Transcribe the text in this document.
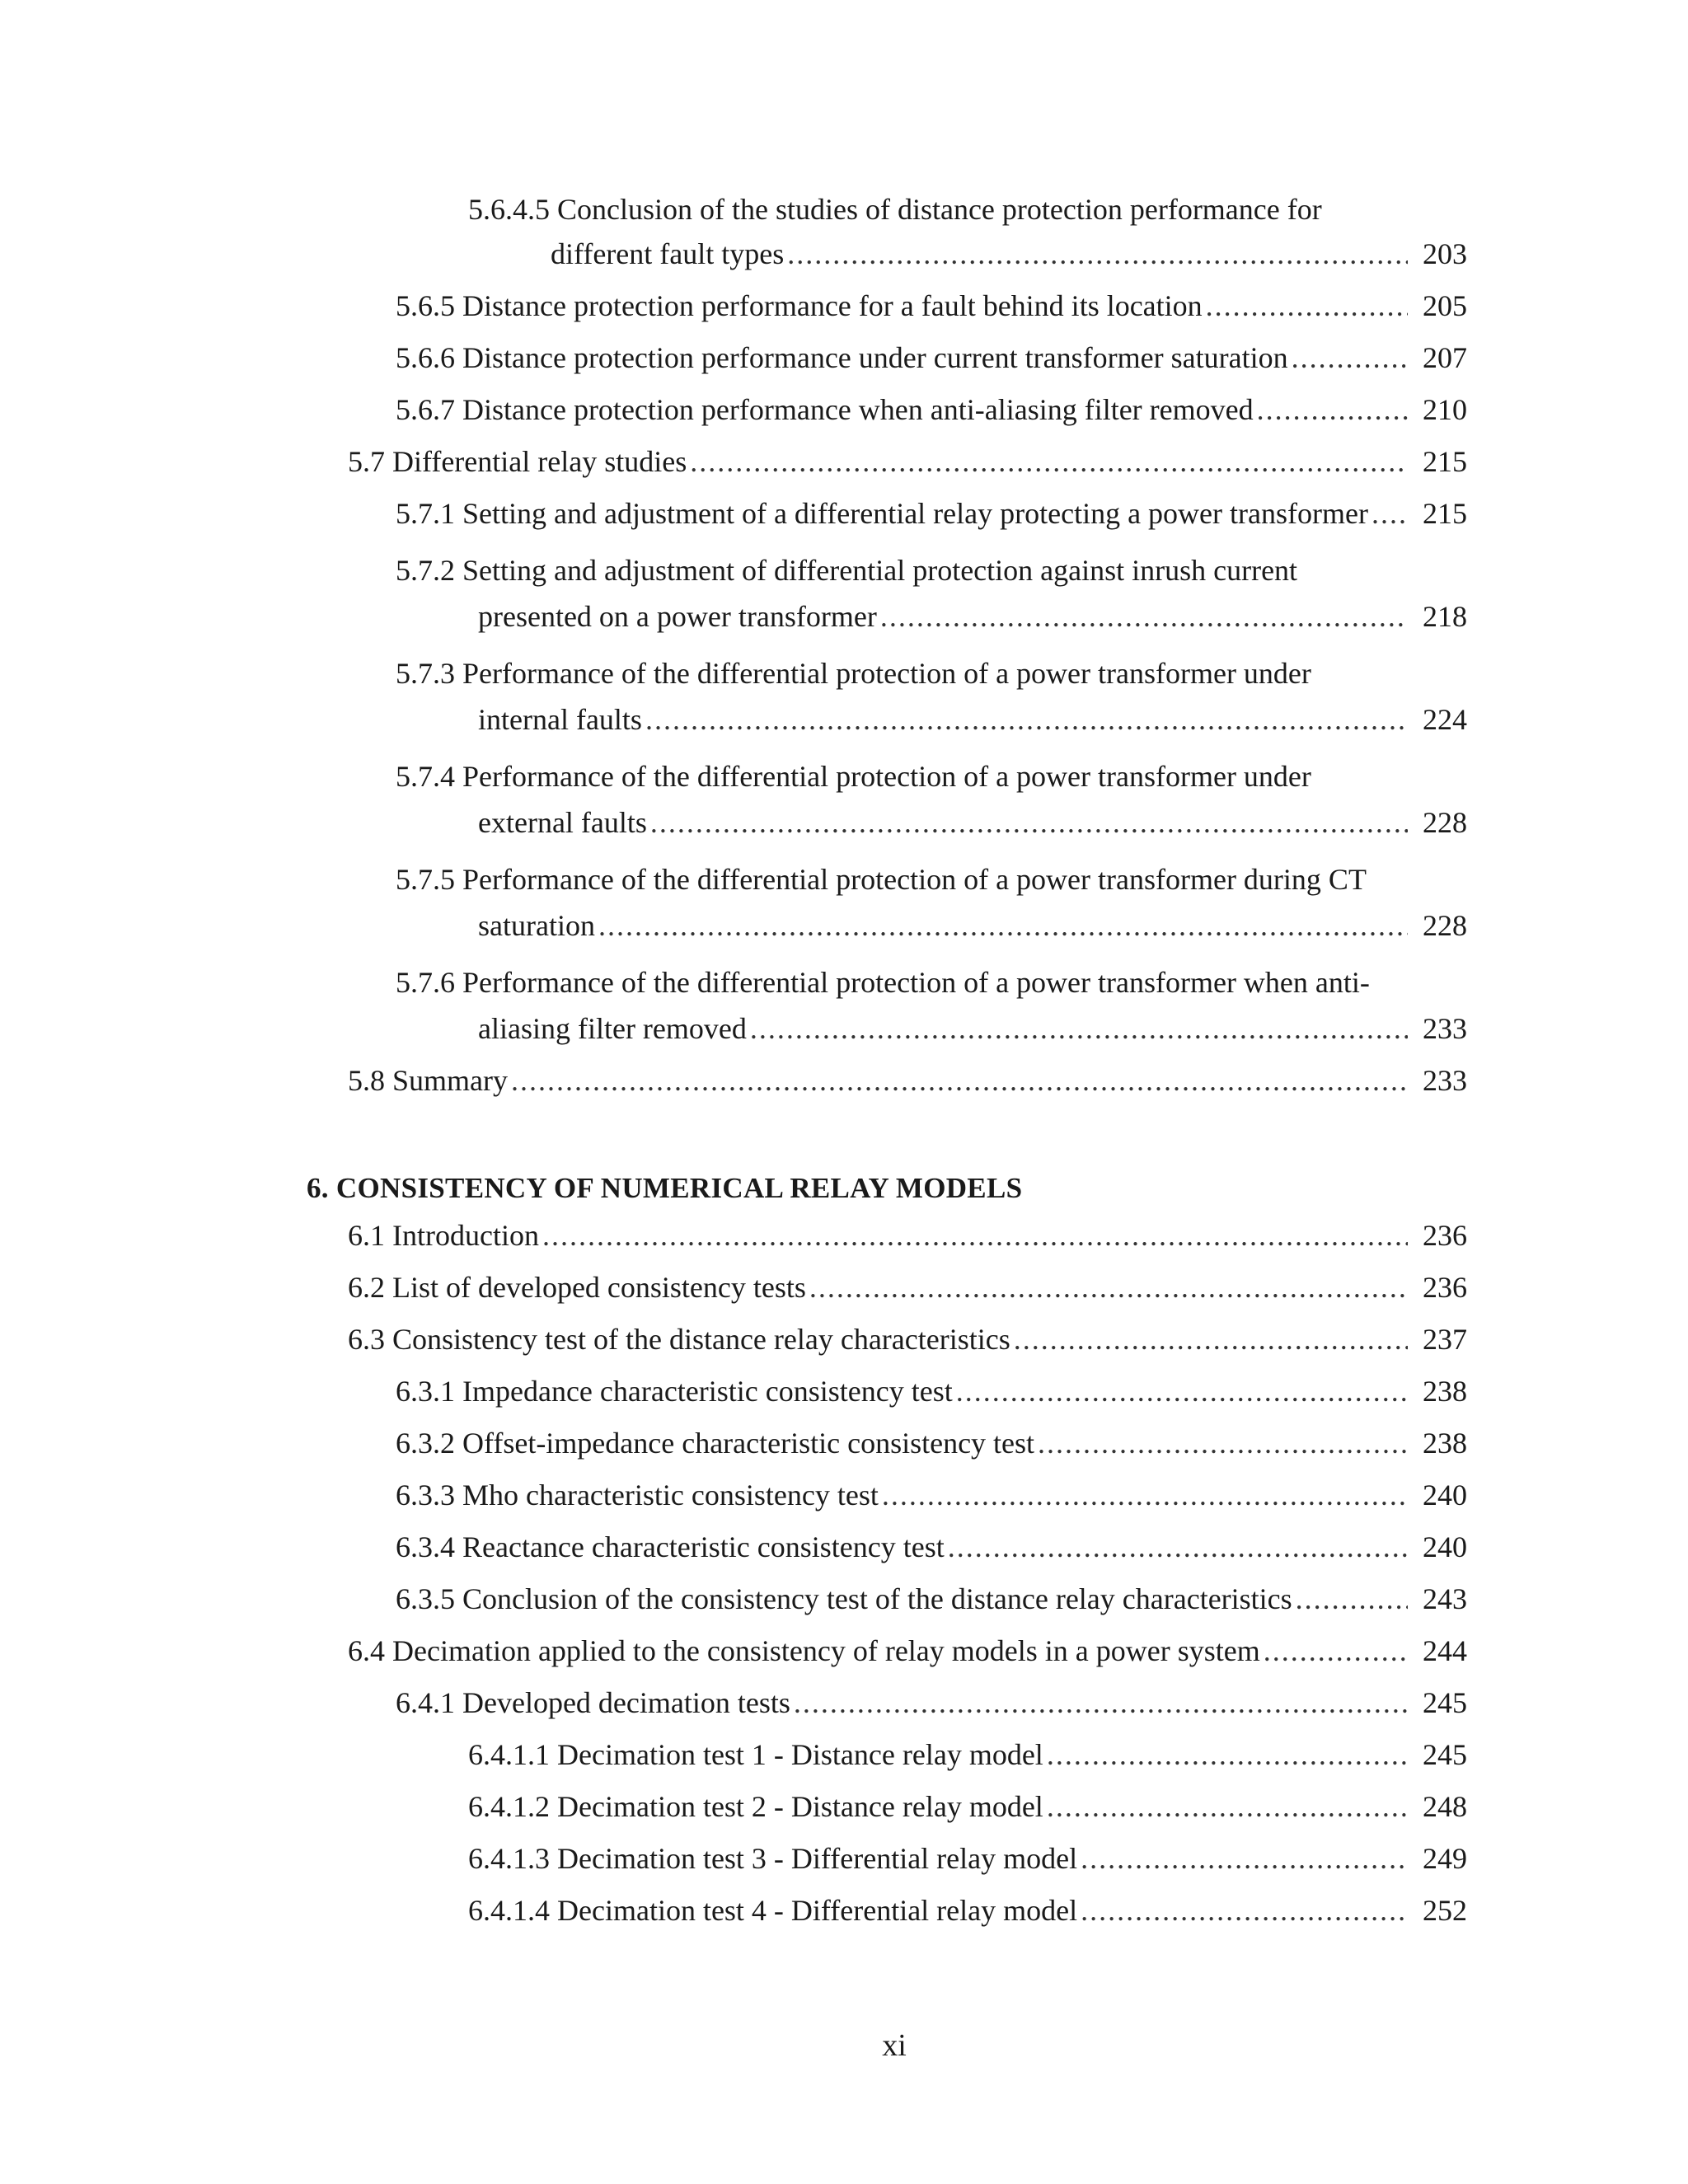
5.6.4.5 Conclusion of the studies of distance protection performance for
different fault types .....	203
5.6.5 Distance protection performance for a fault behind its location .....	205
5.6.6 Distance protection performance under current transformer saturation .....	207
5.6.7 Distance protection performance when anti-aliasing filter removed .....	210
5.7 Differential relay studies .....	215
5.7.1 Setting and adjustment of a differential relay protecting a power transformer ..... 215
5.7.2 Setting and adjustment of differential protection against inrush current
presented on a power transformer .....	218
5.7.3 Performance of the differential protection of a power transformer under
internal faults .....	224
5.7.4 Performance of the differential protection of a power transformer under
external faults .....	228
5.7.5 Performance of the differential protection of a power transformer during CT
saturation .....	228
5.7.6 Performance of the differential protection of a power transformer when anti-
aliasing filter removed .....	233
5.8 Summary .....	233
6. CONSISTENCY OF NUMERICAL RELAY MODELS
6.1 Introduction .....	236
6.2 List of developed consistency tests .....	236
6.3 Consistency test of the distance relay characteristics .....	237
6.3.1 Impedance characteristic consistency test .....	238
6.3.2 Offset-impedance characteristic consistency test .....	238
6.3.3 Mho characteristic consistency test .....	240
6.3.4 Reactance characteristic consistency test .....	240
6.3.5 Conclusion of the consistency test of the distance relay characteristics .....	243
6.4 Decimation applied to the consistency of relay models in a power system .....	244
6.4.1 Developed decimation tests .....	245
6.4.1.1 Decimation test 1 - Distance relay model .....	245
6.4.1.2 Decimation test 2 - Distance relay model .....	248
6.4.1.3 Decimation test 3 - Differential relay model .....	249
6.4.1.4 Decimation test 4 - Differential relay model .....	252
xi
